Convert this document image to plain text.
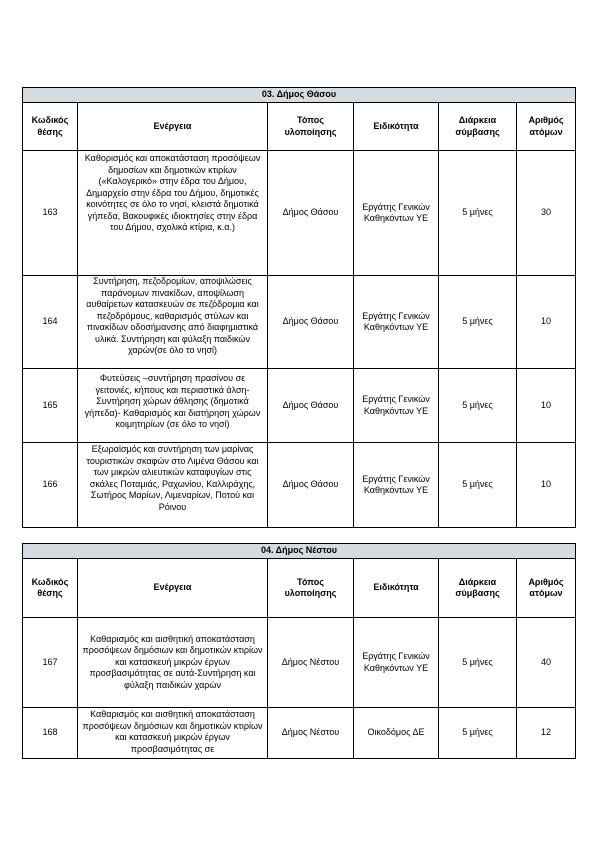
03. Δήμος Θάσου					
Κωδικός θέσης	Ενέργεια	Τόπος υλοποίησης	Ειδικότητα	Διάρκεια σύμβασης	Αριθμός ατόμων
163	Καθορισμός και αποκατάσταση προσόψεων δημοσίων και δημοτικών κτιρίων («Καλογερικό» στην έδρα του Δήμου, Δημαρχείο στην έδρα του Δήμου, δημοτικές κοινότητες σε όλο το νησί, κλειστά δημοτικά γήπεδα, Βακουφικές ιδιοκτησίες στην έδρα του Δήμου, σχολικά κτίρια, κ.α.)	Δήμος Θάσου	Εργάτης Γενικών Καθηκόντων ΥΕ	5 μήνες	30
164	Συντήρηση, πεζοδρομίων, αποψιλώσεις παράνομων πινακίδων, αποψίλωση αυθαίρετων κατασκευών σε πεζόδρομια και πεζοδρόμους, καθαρισμός στύλων και πινακίδων οδοσήμανσης από διαφημιστικά υλικά. Συντήρηση και φύλαξη παιδικών χαρών(σε όλο το νησί)	Δήμος Θάσου	Εργάτης Γενικών Καθηκόντων ΥΕ	5 μήνες	10
165	Φυτεύσεις –συντήρηση πρασίνου σε γειτονιές, κήπους και περιαστικά άλση- Συντήρηση χώρων άθλησης (δημοτικά γήπεδα)- Καθαρισμός και διατήρηση χώρων κοιμητηρίων (σε όλο το νησί)	Δήμος Θάσου	Εργάτης Γενικών Καθηκόντων ΥΕ	5 μήνες	10
166	Εξωραϊσμός και συντήρηση των μαρίνας τουριστικών σκαφών στο Λιμένα Θάσου και των μικρών αλιευτικών καταφυγίων στις σκάλες Ποταμιάς, Ραχωνίου, Καλλιράχης, Σωτήρος Μαρίων, Λιμεναρίων, Ποτού και Ρόινου	Δήμος Θάσου	Εργάτης Γενικών Καθηκόντων ΥΕ	5 μήνες	10
04. Δήμος Νέστου					
Κωδικός θέσης	Ενέργεια	Τόπος υλοποίησης	Ειδικότητα	Διάρκεια σύμβασης	Αριθμός ατόμων
167	Καθαρισμός και αισθητική αποκατάσταση προσόψεων δημόσιων και δημοτικών κτιρίων και κατασκευή μικρών έργων προσβασιμότητας σε αυτά-Συντήρηση και φύλαξη παιδικών χαρών	Δήμος Νέστου	Εργάτης Γενικών Καθηκόντων ΥΕ	5 μήνες	40
168	Καθαρισμός και αισθητική αποκατάσταση προσόψεων δημόσιων και δημοτικών κτιρίων και κατασκευή μικρών έργων προσβασιμότητας σε	Δήμος Νέστου	Οικοδόμος ΔΕ	5 μήνες	12
